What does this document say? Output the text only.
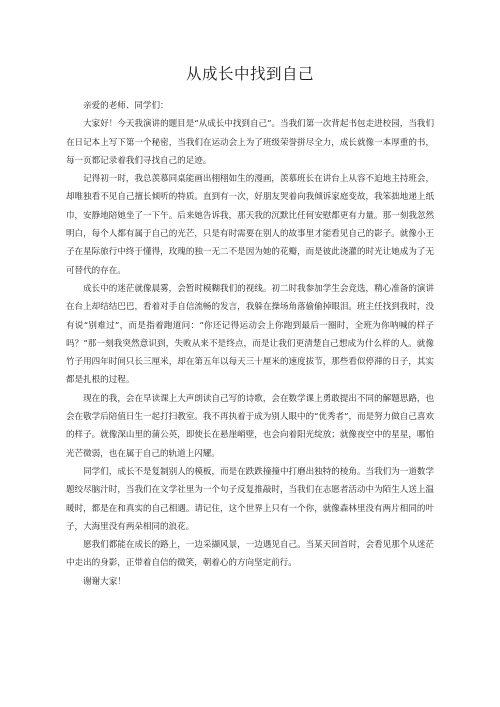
从成长中找到自己

亲爱的老师、同学们：

大家好！今天我演讲的题目是“从成长中找到自己”。当我们第一次背起书包走进校园，当我们在日记本上写下第一个秘密，当我们在运动会上为了班级荣誉拼尽全力，成长就像一本厚重的书，每一页都记录着我们寻找自己的足迹。

记得初一时，我总羡慕同桌能画出栩栩如生的漫画，羡慕班长在讲台上从容不迫地主持班会，却唯独看不见自己擅长倾听的特质。直到有一次，好朋友哭着向我倾诉家庭变故，我笨拙地递上纸巾，安静地陪她坐了一下午。后来她告诉我，那天我的沉默比任何安慰都更有力量。那一刻我忽然明白，每个人都有属于自己的光芒，只是有时需要在别人的故事里才能看见自己的影子。就像小王子在星际旅行中终于懂得，玫瑰的独一无二不是因为她的花瓣，而是彼此浇灌的时光让她成为了无可替代的存在。

成长中的迷茫就像晨雾，会暂时模糊我们的视线。初二时我参加学生会竞选，精心准备的演讲在台上却结结巴巴，看着对手自信流畅的发言，我躲在操场角落偷偷掉眼泪。班主任找到我时，没有说“别难过”，而是指着跑道问：“你还记得运动会上你跑到最后一圈时，全班为你呐喊的样子吗？”那一刻我突然意识到，失败从来不是终点，而是让我们更清楚自己想成为什么样的人。就像竹子用四年时间只长三厘米，却在第五年以每天三十厘米的速度拔节，那些看似停滞的日子，其实都是扎根的过程。

现在的我，会在早读课上大声朗读自己写的诗歌，会在数学课上勇敢提出不同的解题思路，也会在敬学后陪值日生一起打扫教室。我不再执着于成为别人眼中的“优秀者”，而是努力做自己喜欢的样子。就像深山里的蒲公英，即使长在悬崖峭壁，也会向着阳光绽放；就像夜空中的星星，哪怕光芒微弱，也在属于自己的轨道上闪耀。

同学们，成长不是复制别人的模板，而是在跌跌撞撞中打磨出独特的棱角。当我们为一道数学题绞尽脑汁时，当我们在文学社里为一个句子反复推敲时，当我们在志愿者活动中为陌生人送上温暖时，都是在和真实的自己相遇。请记住，这个世界上只有一个你，就像森林里没有两片相同的叶子，大海里没有两朵相同的浪花。

愿我们都能在成长的路上，一边采撷风景，一边遇见自己。当某天回首时，会看见那个从迷茫中走出的身影，正带着自信的微笑，朝着心的方向坚定前行。

谢谢大家！
